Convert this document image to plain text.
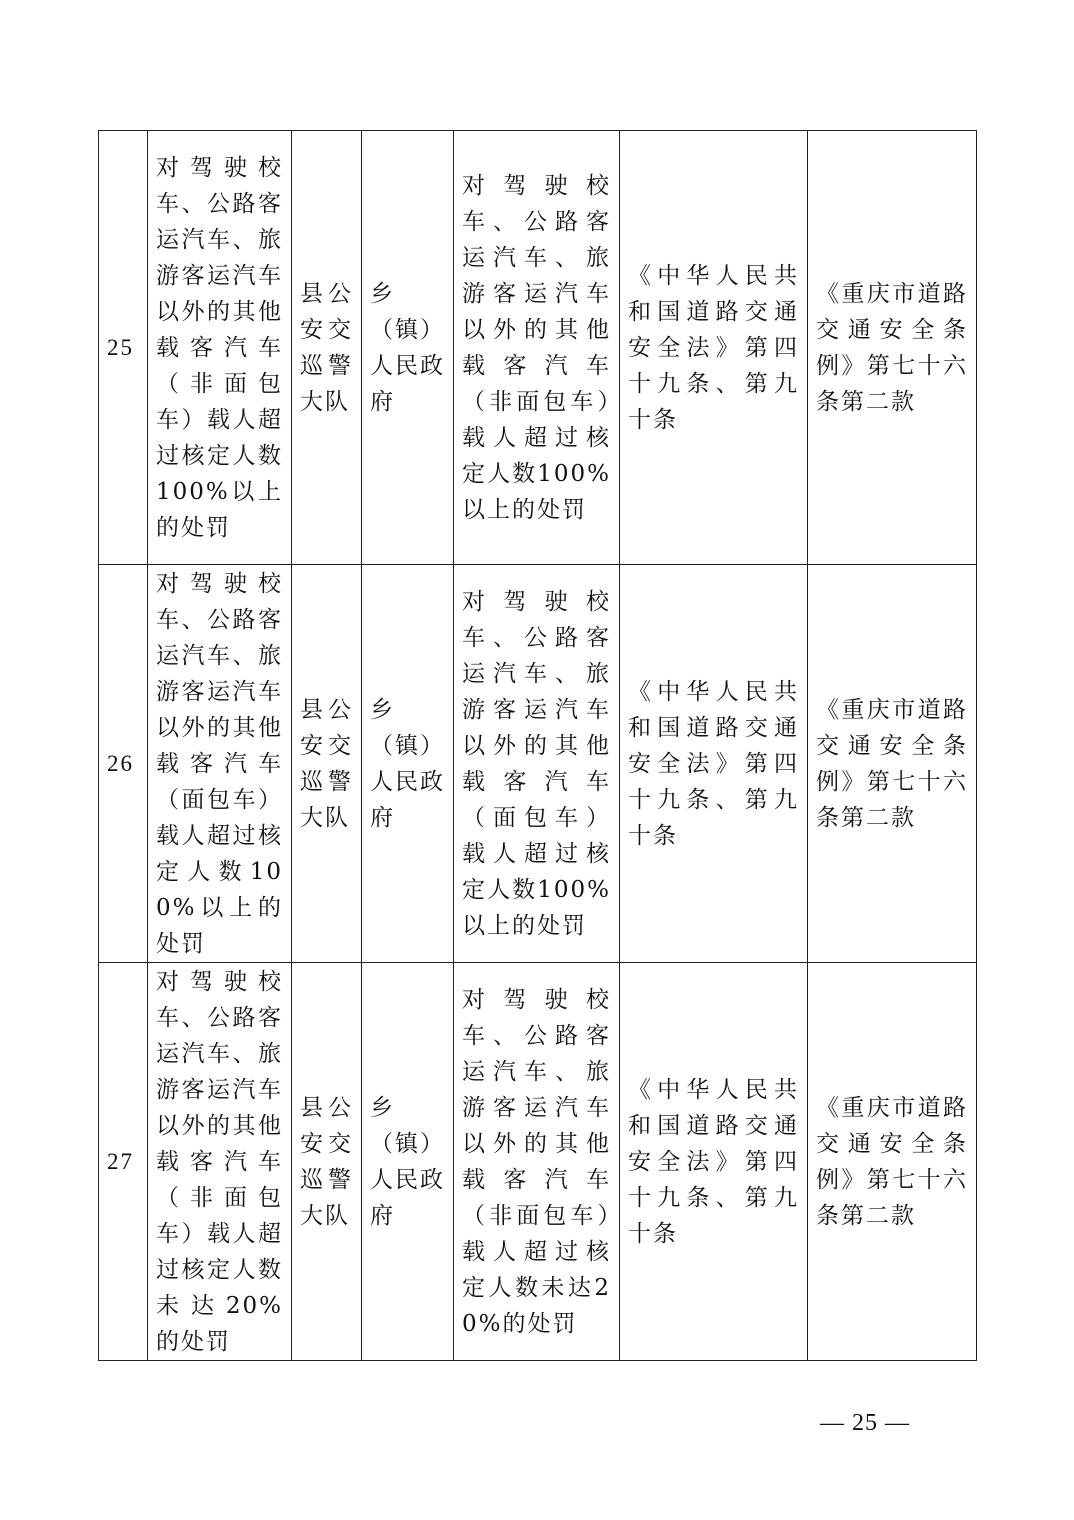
25	对驾驶校车、公路客运汽车、旅游客运汽车以外的其他载客汽车（非面包车）载人超过核定人数100%以上的处罚	县公安交巡警大队	乡（镇）人民政府	对驾驶校车、公路客运汽车、旅游客运汽车以外的其他载客汽车（非面包车）载人超过核定人数100%以上的处罚	《中华人民共和国道路交通安全法》第四十九条、第九十条	《重庆市道路交通安全条例》第七十六条第二款
26	对驾驶校车、公路客运汽车、旅游客运汽车以外的其他载客汽车（面包车）载人超过核定人数100%以上的处罚	县公安交巡警大队	乡（镇）人民政府	对驾驶校车、公路客运汽车、旅游客运汽车以外的其他载客汽车（面包车）载人超过核定人数100%以上的处罚	《中华人民共和国道路交通安全法》第四十九条、第九十条	《重庆市道路交通安全条例》第七十六条第二款
27	对驾驶校车、公路客运汽车、旅游客运汽车以外的其他载客汽车（非面包车）载人超过核定人数未达20%的处罚	县公安交巡警大队	乡（镇）人民政府	对驾驶校车、公路客运汽车、旅游客运汽车以外的其他载客汽车（非面包车）载人超过核定人数未达20%的处罚	《中华人民共和国道路交通安全法》第四十九条、第九十条	《重庆市道路交通安全条例》第七十六条第二款
— 25 —
